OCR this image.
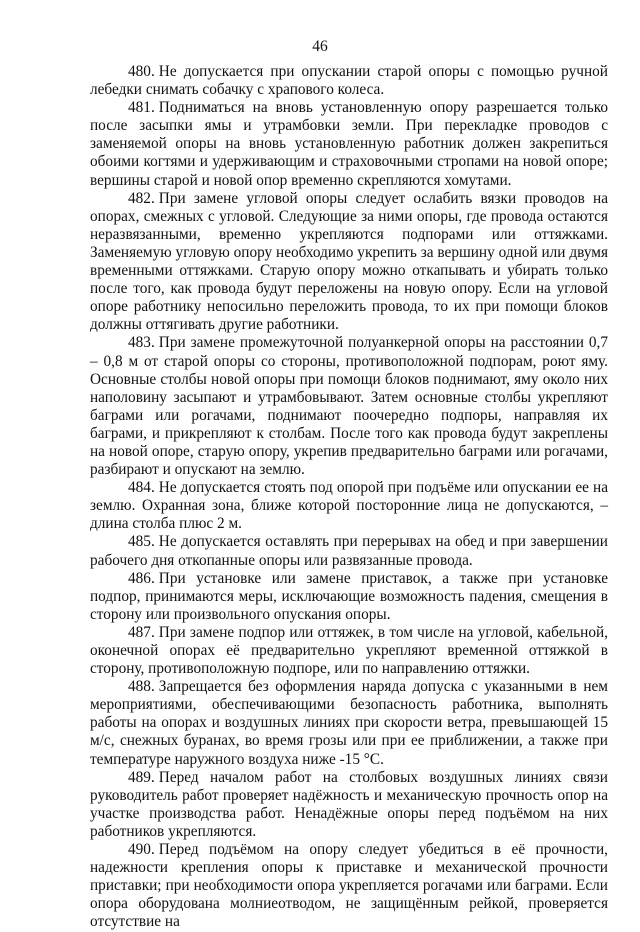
46

480. Не допускается при опускании старой опоры с помощью ручной лебедки снимать собачку с храпового колеса.

481. Подниматься на вновь установленную опору разрешается только после засыпки ямы и утрамбовки земли. При перекладке проводов с заменяемой опоры на вновь установленную работник должен закрепиться обоими когтями и удерживающим и страховочными стропами на новой опоре; вершины старой и новой опор временно скрепляются хомутами.

482. При замене угловой опоры следует ослабить вязки проводов на опорах, смежных с угловой. Следующие за ними опоры, где провода остаются неразвязанными, временно укрепляются подпорами или оттяжками. Заменяемую угловую опору необходимо укрепить за вершину одной или двумя временными оттяжками. Старую опору можно откапывать и убирать только после того, как провода будут переложены на новую опору. Если на угловой опоре работнику непосильно переложить провода, то их при помощи блоков должны оттягивать другие работники.

483. При замене промежуточной полуанкерной опоры на расстоянии 0,7 – 0,8 м от старой опоры со стороны, противоположной подпорам, роют яму. Основные столбы новой опоры при помощи блоков поднимают, яму около них наполовину засыпают и утрамбовывают. Затем основные столбы укрепляют баграми или рогачами, поднимают поочередно подпоры, направляя их баграми, и прикрепляют к столбам. После того как провода будут закреплены на новой опоре, старую опору, укрепив предварительно баграми или рогачами, разбирают и опускают на землю.

484. Не допускается стоять под опорой при подъёме или опускании ее на землю. Охранная зона, ближе которой посторонние лица не допускаются, – длина столба плюс 2 м.

485. Не допускается оставлять при перерывах на обед и при завершении рабочего дня откопанные опоры или развязанные провода.

486. При установке или замене приставок, а также при установке подпор, принимаются меры, исключающие возможность падения, смещения в сторону или произвольного опускания опоры.

487. При замене подпор или оттяжек, в том числе на угловой, кабельной, оконечной опорах её предварительно укрепляют временной оттяжкой в сторону, противоположную подпоре, или по направлению оттяжки.

488. Запрещается без оформления наряда допуска с указанными в нем мероприятиями, обеспечивающими безопасность работника, выполнять работы на опорах и воздушных линиях при скорости ветра, превышающей 15 м/с, снежных буранах, во время грозы или при ее приближении, а также при температуре наружного воздуха ниже -15 °С.

489. Перед началом работ на столбовых воздушных линиях связи руководитель работ проверяет надёжность и механическую прочность опор на участке производства работ. Ненадёжные опоры перед подъёмом на них работников укрепляются.

490. Перед подъёмом на опору следует убедиться в её прочности, надежности крепления опоры к приставке и механической прочности приставки; при необходимости опора укрепляется рогачами или баграми. Если опора оборудована молниеотводом, не защищённым рейкой, проверяется отсутствие на
